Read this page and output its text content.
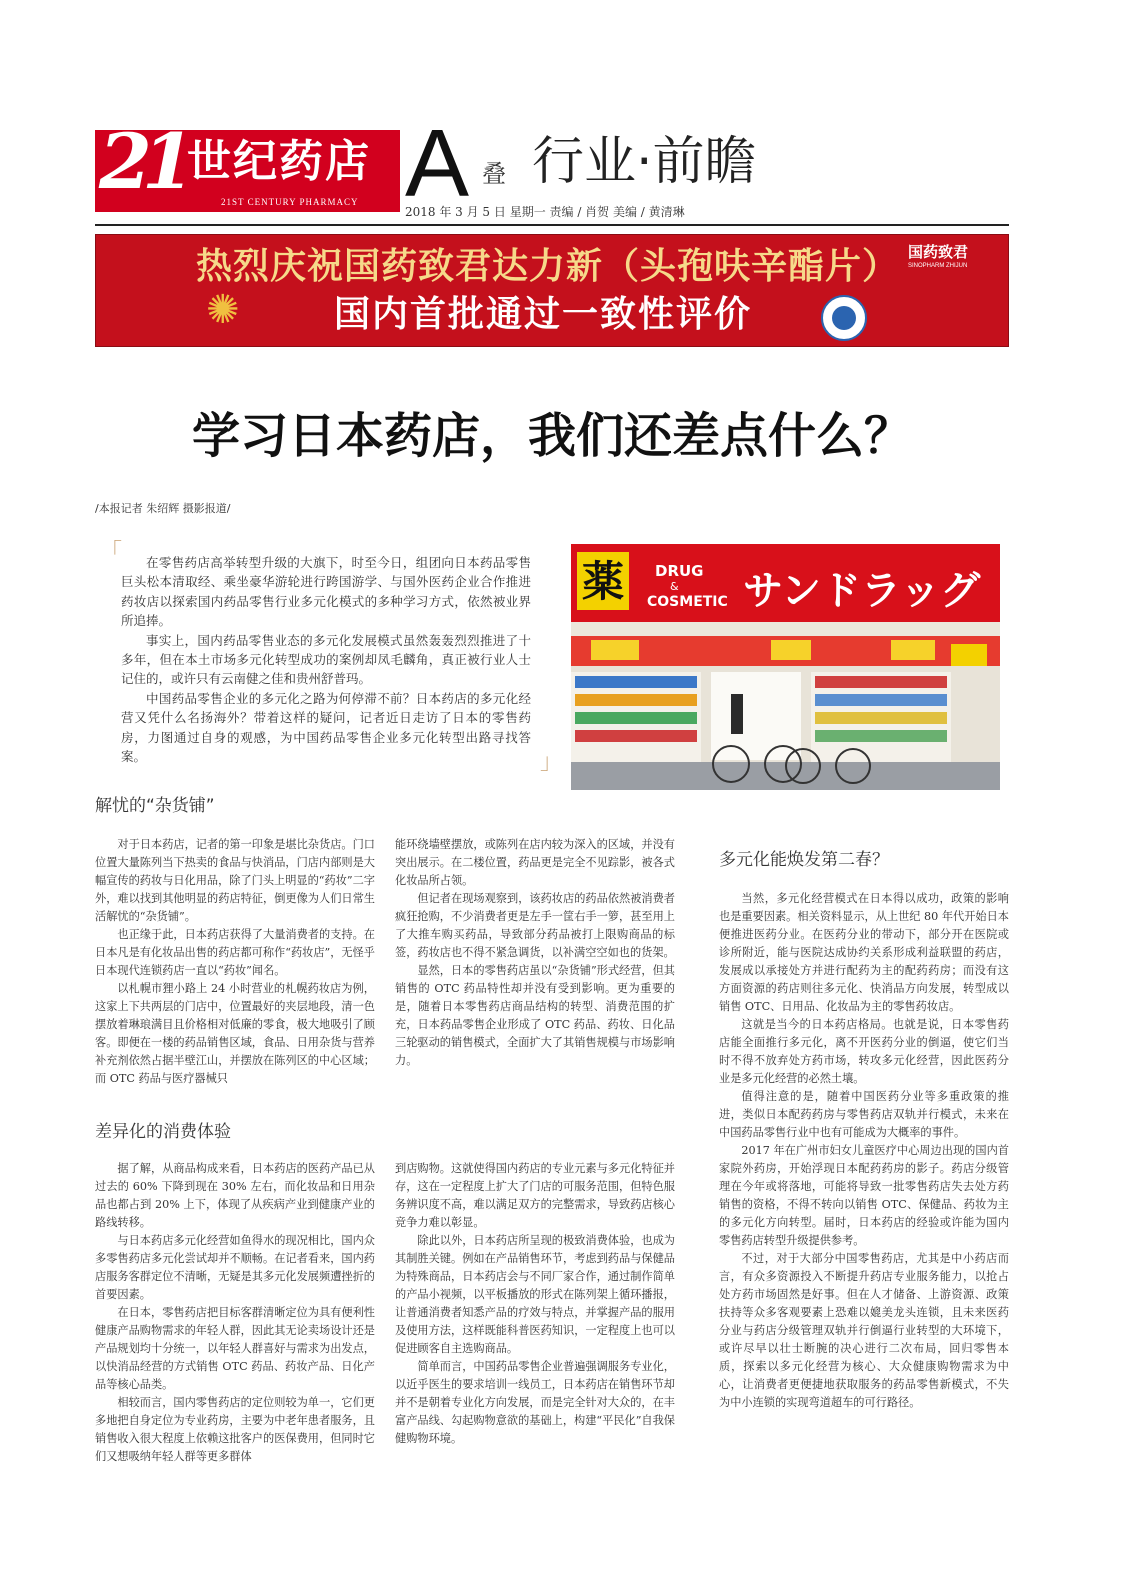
21 世纪药店
21ST CENTURY PHARMACY A 叠 行业·前瞻
2018 年 3 月 5 日 星期一 责编 / 肖贺 美编 / 黄清琳
✺
热烈庆祝国药致君达力新（头孢呋辛酯片）
国内首批通过一致性评价
国药致君
SINOPHARM ZHIJUN
学习日本药店，我们还差点什么？
/本报记者 朱绍辉 摄影报道/
「	在零售药店高举转型升级的大旗下，时至今日，组团向日本药品零售巨头松本清取经、乘坐豪华游轮进行跨国游学、与国外医药企业合作推进药妆店以探索国内药品零售行业多元化模式的多种学习方式，依然被业界所追捧。

事实上，国内药品零售业态的多元化发展模式虽然轰轰烈烈推进了十多年，但在本土市场多元化转型成功的案例却凤毛麟角，真正被行业人士记住的，或许只有云南健之佳和贵州舒普玛。

中国药品零售企业的多元化之路为何停滞不前？日本药店的多元化经营又凭什么名扬海外？带着这样的疑问，记者近日走访了日本的零售药房，力图通过自身的观感，为中国药品零售企业多元化转型出路寻找答案。	」
薬 DRUG
&
COSMETIC サンドラッグ
解忧的“杂货铺”

对于日本药店，记者的第一印象是堪比杂货店。门口位置大量陈列当下热卖的食品与快消品，门店内部则是大幅宣传的药妆与日化用品，除了门头上明显的“药妆”二字外，难以找到其他明显的药店特征，倒更像为人们日常生活解忧的“杂货铺”。

也正缘于此，日本药店获得了大量消费者的支持。在日本凡是有化妆品出售的药店都可称作“药妆店”，无怪乎日本现代连锁药店一直以“药妆”闻名。

以札幌市狸小路上 24 小时营业的札幌药妆店为例，这家上下共两层的门店中，位置最好的夹层地段，清一色摆放着琳琅满目且价格相对低廉的零食，极大地吸引了顾客。即便在一楼的药品销售区域，食品、日用杂货与营养补充剂依然占据半壁江山，并摆放在陈列区的中心区域；而 OTC 药品与医疗器械只

能环绕墙壁摆放，或陈列在店内较为深入的区域，并没有突出展示。在二楼位置，药品更是完全不见踪影，被各式化妆品所占领。

但记者在现场观察到，该药妆店的药品依然被消费者疯狂抢购，不少消费者更是左手一筐右手一箩，甚至用上了大推车购买药品，导致部分药品被打上限购商品的标签，药妆店也不得不紧急调货，以补满空空如也的货架。

显然，日本的零售药店虽以“杂货铺”形式经营，但其销售的 OTC 药品特性却并没有受到影响。更为重要的是，随着日本零售药店商品结构的转型、消费范围的扩充，日本药品零售企业形成了 OTC 药品、药妆、日化品三轮驱动的销售模式，全面扩大了其销售规模与市场影响力。

差异化的消费体验

据了解，从商品构成来看，日本药店的医药产品已从过去的 60% 下降到现在 30% 左右，而化妆品和日用杂品也都占到 20% 上下，体现了从疾病产业到健康产业的路线转移。

与日本药店多元化经营如鱼得水的现况相比，国内众多零售药店多元化尝试却并不顺畅。在记者看来，国内药店服务客群定位不清晰，无疑是其多元化发展频遭挫折的首要因素。

在日本，零售药店把目标客群清晰定位为具有便利性健康产品购物需求的年轻人群，因此其无论卖场设计还是产品规划均十分统一，以年轻人群喜好与需求为出发点，以快消品经营的方式销售 OTC 药品、药妆产品、日化产品等核心品类。

相较而言，国内零售药店的定位则较为单一，它们更多地把自身定位为专业药房，主要为中老年患者服务，且销售收入很大程度上依赖这批客户的医保费用，但同时它们又想吸纳年轻人群等更多群体

到店购物。这就使得国内药店的专业元素与多元化特征并存，这在一定程度上扩大了门店的可服务范围，但特色服务辨识度不高，难以满足双方的完整需求，导致药店核心竞争力难以彰显。

除此以外，日本药店所呈现的极致消费体验，也成为其制胜关键。例如在产品销售环节，考虑到药品与保健品为特殊商品，日本药店会与不同厂家合作，通过制作简单的产品小视频，以平板播放的形式在陈列架上循环播报，让普通消费者知悉产品的疗效与特点，并掌握产品的服用及使用方法，这样既能科普医药知识，一定程度上也可以促进顾客自主选购商品。

简单而言，中国药品零售企业普遍强调服务专业化，以近乎医生的要求培训一线员工，日本药店在销售环节却并不是朝着专业化方向发展，而是完全针对大众的，在丰富产品线、勾起购物意欲的基础上，构建“平民化”自我保健购物环境。

多元化能焕发第二春？

当然，多元化经营模式在日本得以成功，政策的影响也是重要因素。相关资料显示，从上世纪 80 年代开始日本便推进医药分业。在医药分业的带动下，部分开在医院或诊所附近，能与医院达成协约关系形成利益联盟的药店，发展成以承接处方并进行配药为主的配药药房；而没有这方面资源的药店则往多元化、快消品方向发展，转型成以销售 OTC、日用品、化妆品为主的零售药妆店。

这就是当今的日本药店格局。也就是说，日本零售药店能全面推行多元化，离不开医药分业的倒逼，使它们当时不得不放弃处方药市场，转攻多元化经营，因此医药分业是多元化经营的必然土壤。

值得注意的是，随着中国医药分业等多重政策的推进，类似日本配药药房与零售药店双轨并行模式，未来在中国药品零售行业中也有可能成为大概率的事件。

2017 年在广州市妇女儿童医疗中心周边出现的国内首家院外药房，开始浮现日本配药药房的影子。药店分级管理在今年或将落地，可能将导致一批零售药店失去处方药销售的资格，不得不转向以销售 OTC、保健品、药妆为主的多元化方向转型。届时，日本药店的经验或许能为国内零售药店转型升级提供参考。

不过，对于大部分中国零售药店，尤其是中小药店而言，有众多资源投入不断提升药店专业服务能力，以抢占处方药市场固然是好事。但在人才储备、上游资源、政策扶持等众多客观要素上恐难以媲美龙头连锁，且未来医药分业与药店分级管理双轨并行倒逼行业转型的大环境下，或许尽早以壮士断腕的决心进行二次布局，回归零售本质，探索以多元化经营为核心、大众健康购物需求为中心，让消费者更便捷地获取服务的药品零售新模式，不失为中小连锁的实现弯道超车的可行路径。
